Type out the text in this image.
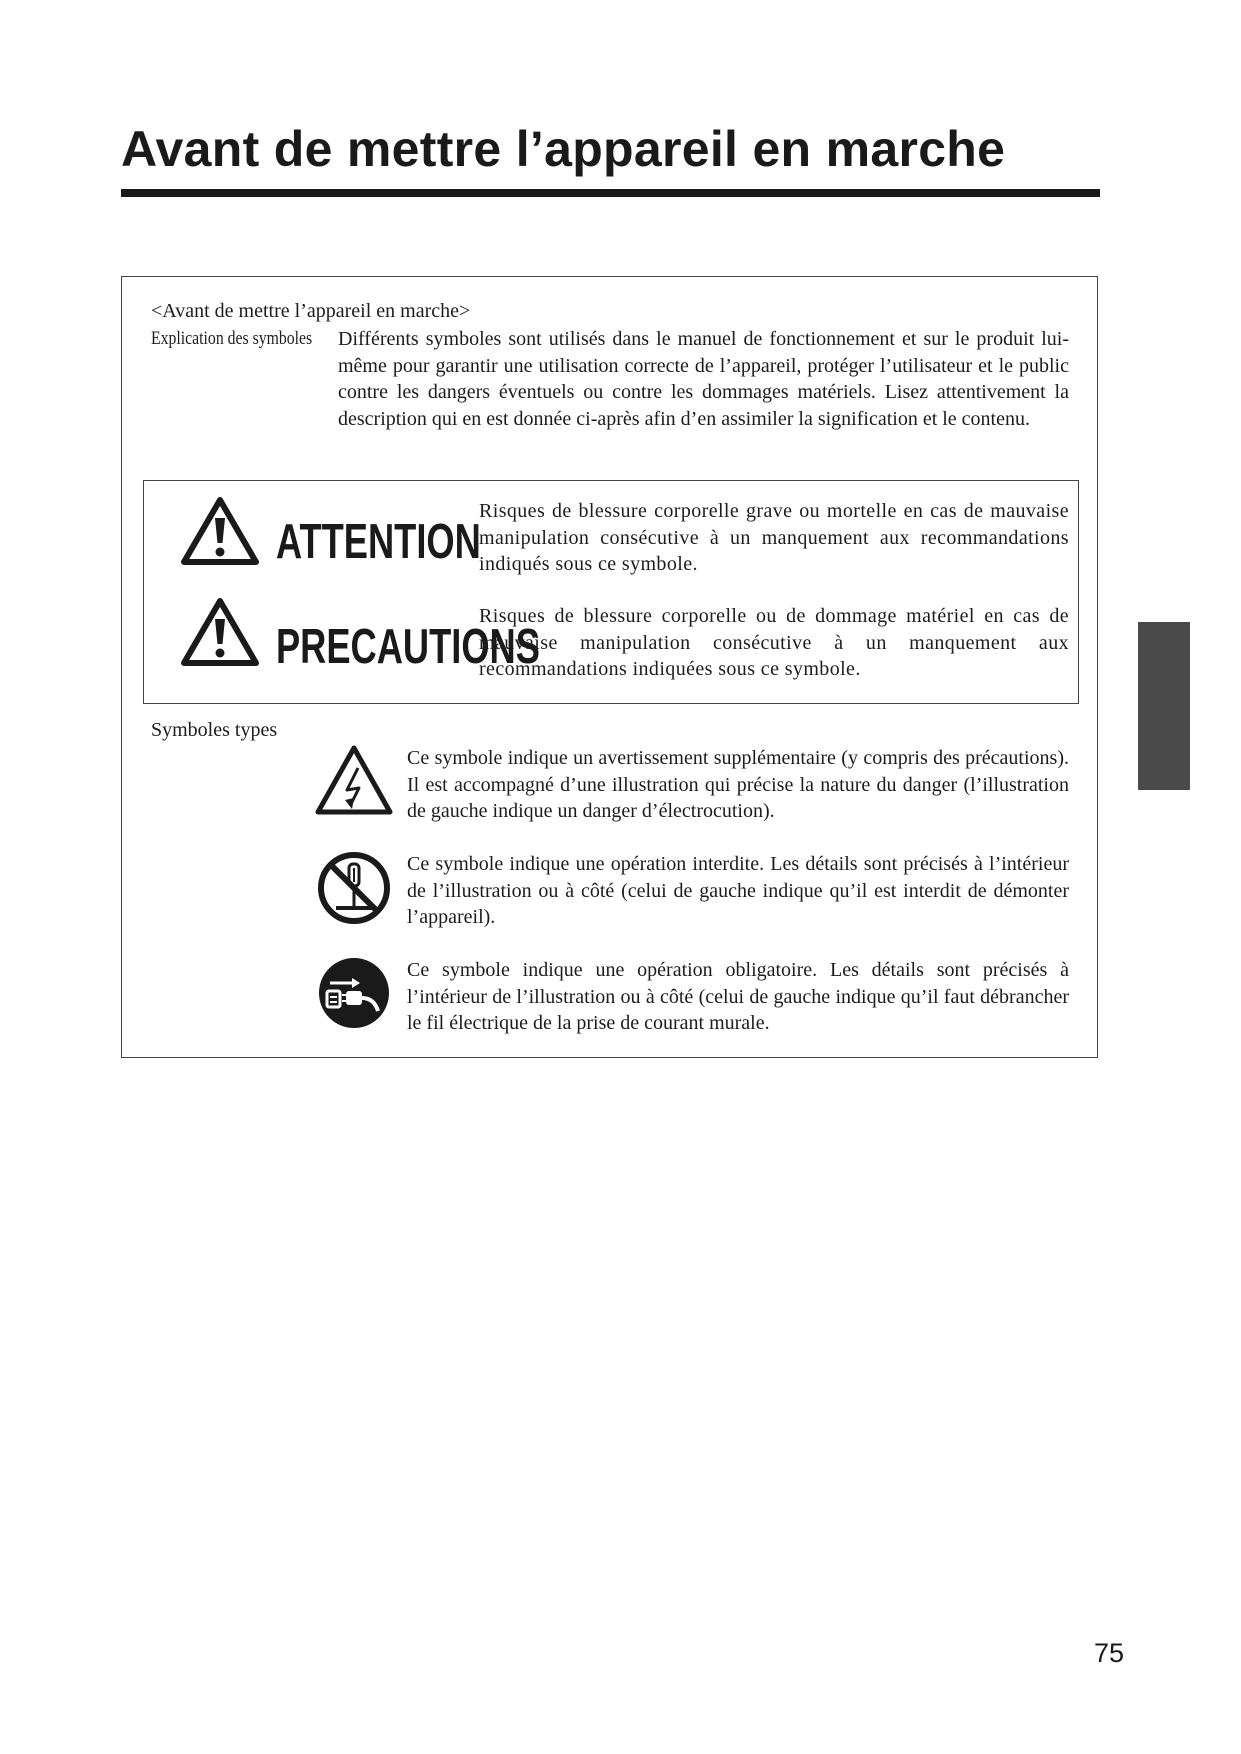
Avant de mettre l’appareil en marche
<Avant de mettre l’appareil en marche>
Explication des symboles Différents symboles sont utilisés dans le manuel de fonctionnement et sur le produit lui-même pour garantir une utilisation correcte de l’appareil, protéger l’utilisateur et le public contre les dangers éventuels ou contre les dommages matériels. Lisez attentivement la description qui en est donnée ci-après afin d’en assimiler la signification et le contenu.
ATTENTION
Risques de blessure corporelle grave ou mortelle en cas de mauvaise manipulation consécutive à un manquement aux recommandations indiqués sous ce symbole.
PRECAUTIONS
Risques de blessure corporelle ou de dommage matériel en cas de mauvaise manipulation consécutive à un manquement aux recommandations indiquées sous ce symbole.
Symboles types
Ce symbole indique un avertissement supplémentaire (y compris des précautions). Il est accompagné d’une illustration qui précise la nature du danger (l’illustration de gauche indique un danger d’électrocution).
Ce symbole indique une opération interdite. Les détails sont précisés à l’intérieur de l’illustration ou à côté (celui de gauche indique qu’il est interdit de démonter l’appareil).
Ce symbole indique une opération obligatoire. Les détails sont précisés à l’intérieur de l’illustration ou à côté (celui de gauche indique qu’il faut débrancher le fil électrique de la prise de courant murale.
75
